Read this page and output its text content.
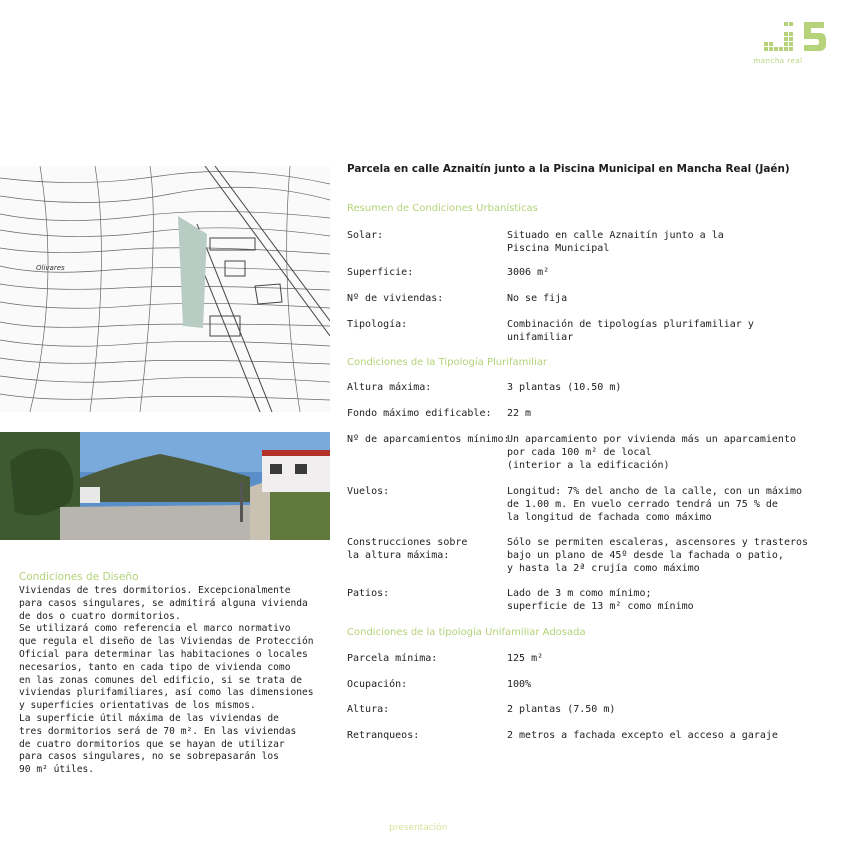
mancha real
Olivares
Parcela en calle Aznaitín junto a la Piscina Municipal en Mancha Real (Jaén)
Resumen de Condiciones Urbanísticas
Condiciones de la Tipología Plurifamiliar
Condiciones de la tipología Unifamiliar Adosada
Solar:	Situado en calle Aznaitín junto a la
Piscina Municipal
Superficie:	3006 m²
Nº de viviendas:	No se fija
Tipología:	Combinación de tipologías plurifamiliar y
unifamiliar
Altura máxima:	3 plantas (10.50 m)
Fondo máximo edificable:	22 m
Nº de aparcamientos mínimo:
Un aparcamiento por vivienda más un aparcamiento
por cada 100 m² de local
(interior a la edificación)
Vuelos:	Longitud: 7% del ancho de la calle, con un máximo
de 1.00 m. En vuelo cerrado tendrá un 75 % de
la longitud de fachada como máximo
Construcciones sobre
la altura máxima:
Sólo se permiten escaleras, ascensores y trasteros
bajo un plano de 45º desde la fachada o patio,
y hasta la 2ª crujía como máximo
Patios:	Lado de 3 m como mínimo;
superficie de 13 m² como mínimo
Parcela mínima:	125 m²
Ocupación:	100%
Altura:	2 plantas (7.50 m)
Retranqueos:	2 metros a fachada excepto el acceso a garaje
Condiciones de Diseño
Viviendas de tres dormitorios. Excepcionalmente
para casos singulares, se admitirá alguna vivienda
de dos o cuatro dormitorios.
Se utilizará como referencia el marco normativo
que regula el diseño de las Viviendas de Protección
Oficial para determinar las habitaciones o locales
necesarios, tanto en cada tipo de vivienda como
en las zonas comunes del edificio, si se trata de
viviendas plurifamiliares, así como las dimensiones
y superficies orientativas de los mismos.
La superficie útil máxima de las viviendas de
tres dormitorios será de 70 m². En las viviendas
de cuatro dormitorios que se hayan de utilizar
para casos singulares, no se sobrepasarán los
90 m² útiles.
presentación
